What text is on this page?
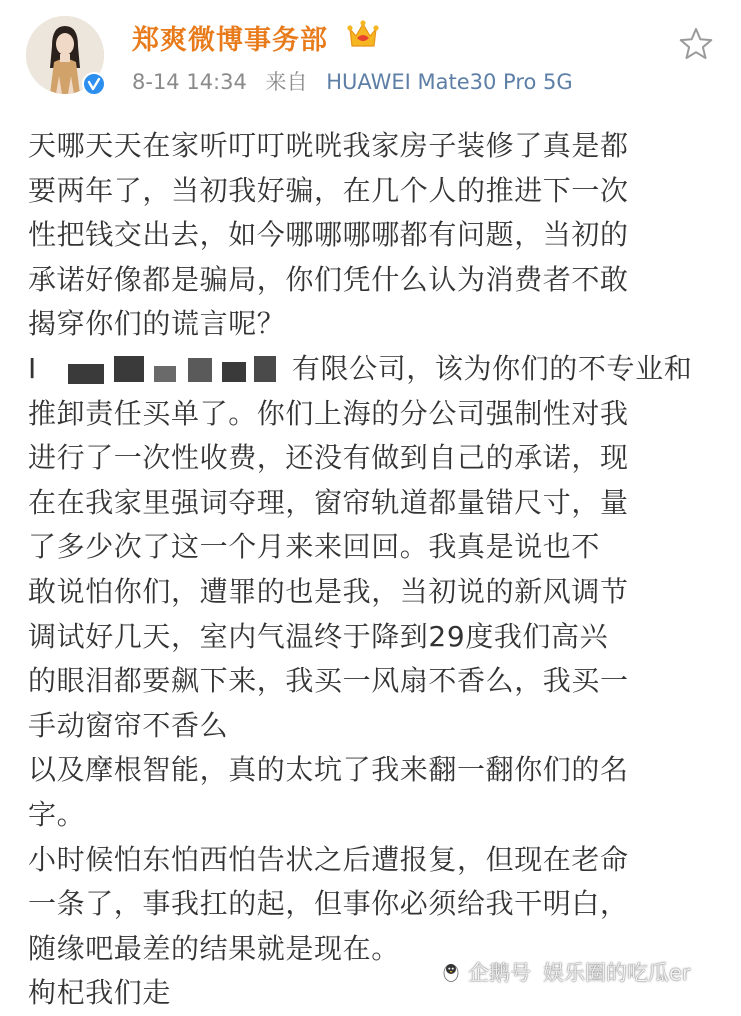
郑爽微博事务部
8-14 14:34 来自 HUAWEI Mate30 Pro 5G
天哪天天在家听叮叮咣咣我家房子装修了真是都
要两年了，当初我好骗，在几个人的推进下一次
性把钱交出去，如今哪哪哪哪都有问题，当初的
承诺好像都是骗局，你们凭什么认为消费者不敢
揭穿你们的谎言呢？
I	有限公司，该为你们的不专业和
推卸责任买单了。你们上海的分公司强制性对我
进行了一次性收费，还没有做到自己的承诺，现
在在我家里强词夺理，窗帘轨道都量错尺寸，量
了多少次了这一个月来来回回。我真是说也不
敢说怕你们，遭罪的也是我，当初说的新风调节
调试好几天，室内气温终于降到29度我们高兴
的眼泪都要飙下来，我买一风扇不香么，我买一
手动窗帘不香么
以及摩根智能，真的太坑了我来翻一翻你们的名
字。
小时候怕东怕西怕告状之后遭报复，但现在老命
一条了，事我扛的起，但事你必须给我干明白，
随缘吧最差的结果就是现在。
枸杞我们走
企鹅号 娱乐圈的吃瓜er
